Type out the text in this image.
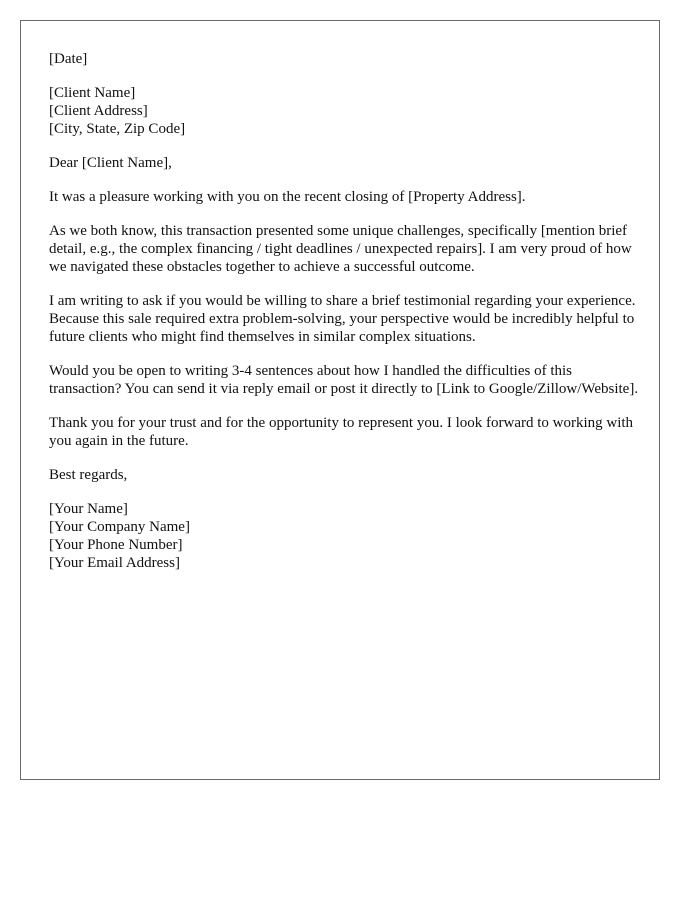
[Date]

[Client Name]
[Client Address]
[City, State, Zip Code]

Dear [Client Name],

It was a pleasure working with you on the recent closing of [Property Address].

As we both know, this transaction presented some unique challenges, specifically [mention brief detail, e.g., the complex financing / tight deadlines / unexpected repairs]. I am very proud of how we navigated these obstacles together to achieve a successful outcome.

I am writing to ask if you would be willing to share a brief testimonial regarding your experience. Because this sale required extra problem-solving, your perspective would be incredibly helpful to future clients who might find themselves in similar complex situations.

Would you be open to writing 3-4 sentences about how I handled the difficulties of this transaction? You can send it via reply email or post it directly to [Link to Google/Zillow/Website].

Thank you for your trust and for the opportunity to represent you. I look forward to working with you again in the future.

Best regards,

[Your Name]
[Your Company Name]
[Your Phone Number]
[Your Email Address]
